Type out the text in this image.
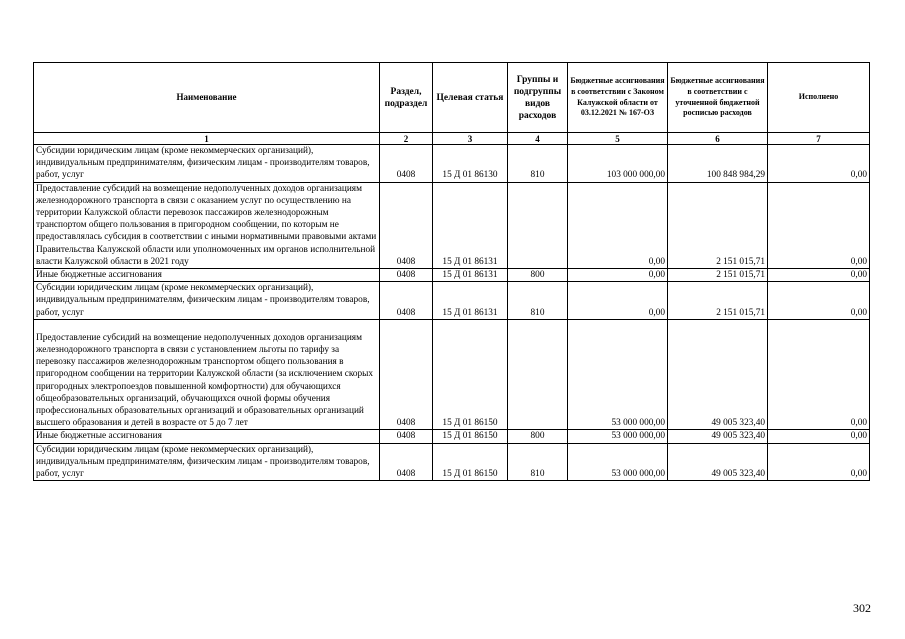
Наименование	Раздел, подраздел	Целевая статья	Группы и подгруппы видов расходов	Бюджетные ассигнования в соответствии с Законом Калужской области от 03.12.2021 № 167-ОЗ	Бюджетные ассигнования в соответствии с уточненной бюджетной росписью расходов	Исполнено
1	2	3	4	5	6	7
Субсидии юридическим лицам (кроме некоммерческих организаций), индивидуальным предпринимателям, физическим лицам - производителям товаров, работ, услуг	0408	15 Д 01 86130	810	103 000 000,00	100 848 984,29	0,00
Предоставление субсидий на возмещение недополученных доходов организациям железнодорожного транспорта в связи с оказанием услуг по осуществлению на территории Калужской области перевозок пассажиров железнодорожным транспортом общего пользования в пригородном сообщении, по которым не предоставлялась субсидия в соответствии с иными нормативными правовыми актами Правительства Калужской области или уполномоченных им органов исполнительной власти Калужской области в 2021 году	0408	15 Д 01 86131		0,00	2 151 015,71	0,00
Иные бюджетные ассигнования	0408	15 Д 01 86131	800	0,00	2 151 015,71	0,00
Субсидии юридическим лицам (кроме некоммерческих организаций), индивидуальным предпринимателям, физическим лицам - производителям товаров, работ, услуг	0408	15 Д 01 86131	810	0,00	2 151 015,71	0,00

Предоставление субсидий на возмещение недополученных доходов организациям железнодорожного транспорта в связи с установлением льготы по тарифу за перевозку пассажиров железнодорожным транспортом общего пользования в пригородном сообщении на территории Калужской области (за исключением скорых пригородных электропоездов повышенной комфортности) для обучающихся общеобразовательных организаций, обучающихся очной формы обучения профессиональных образовательных организаций и образовательных организаций высшего образования и детей в возрасте от 5 до 7 лет	0408	15 Д 01 86150		53 000 000,00	49 005 323,40	0,00
Иные бюджетные ассигнования	0408	15 Д 01 86150	800	53 000 000,00	49 005 323,40	0,00
Субсидии юридическим лицам (кроме некоммерческих организаций), индивидуальным предпринимателям, физическим лицам - производителям товаров, работ, услуг	0408	15 Д 01 86150	810	53 000 000,00	49 005 323,40	0,00
302
